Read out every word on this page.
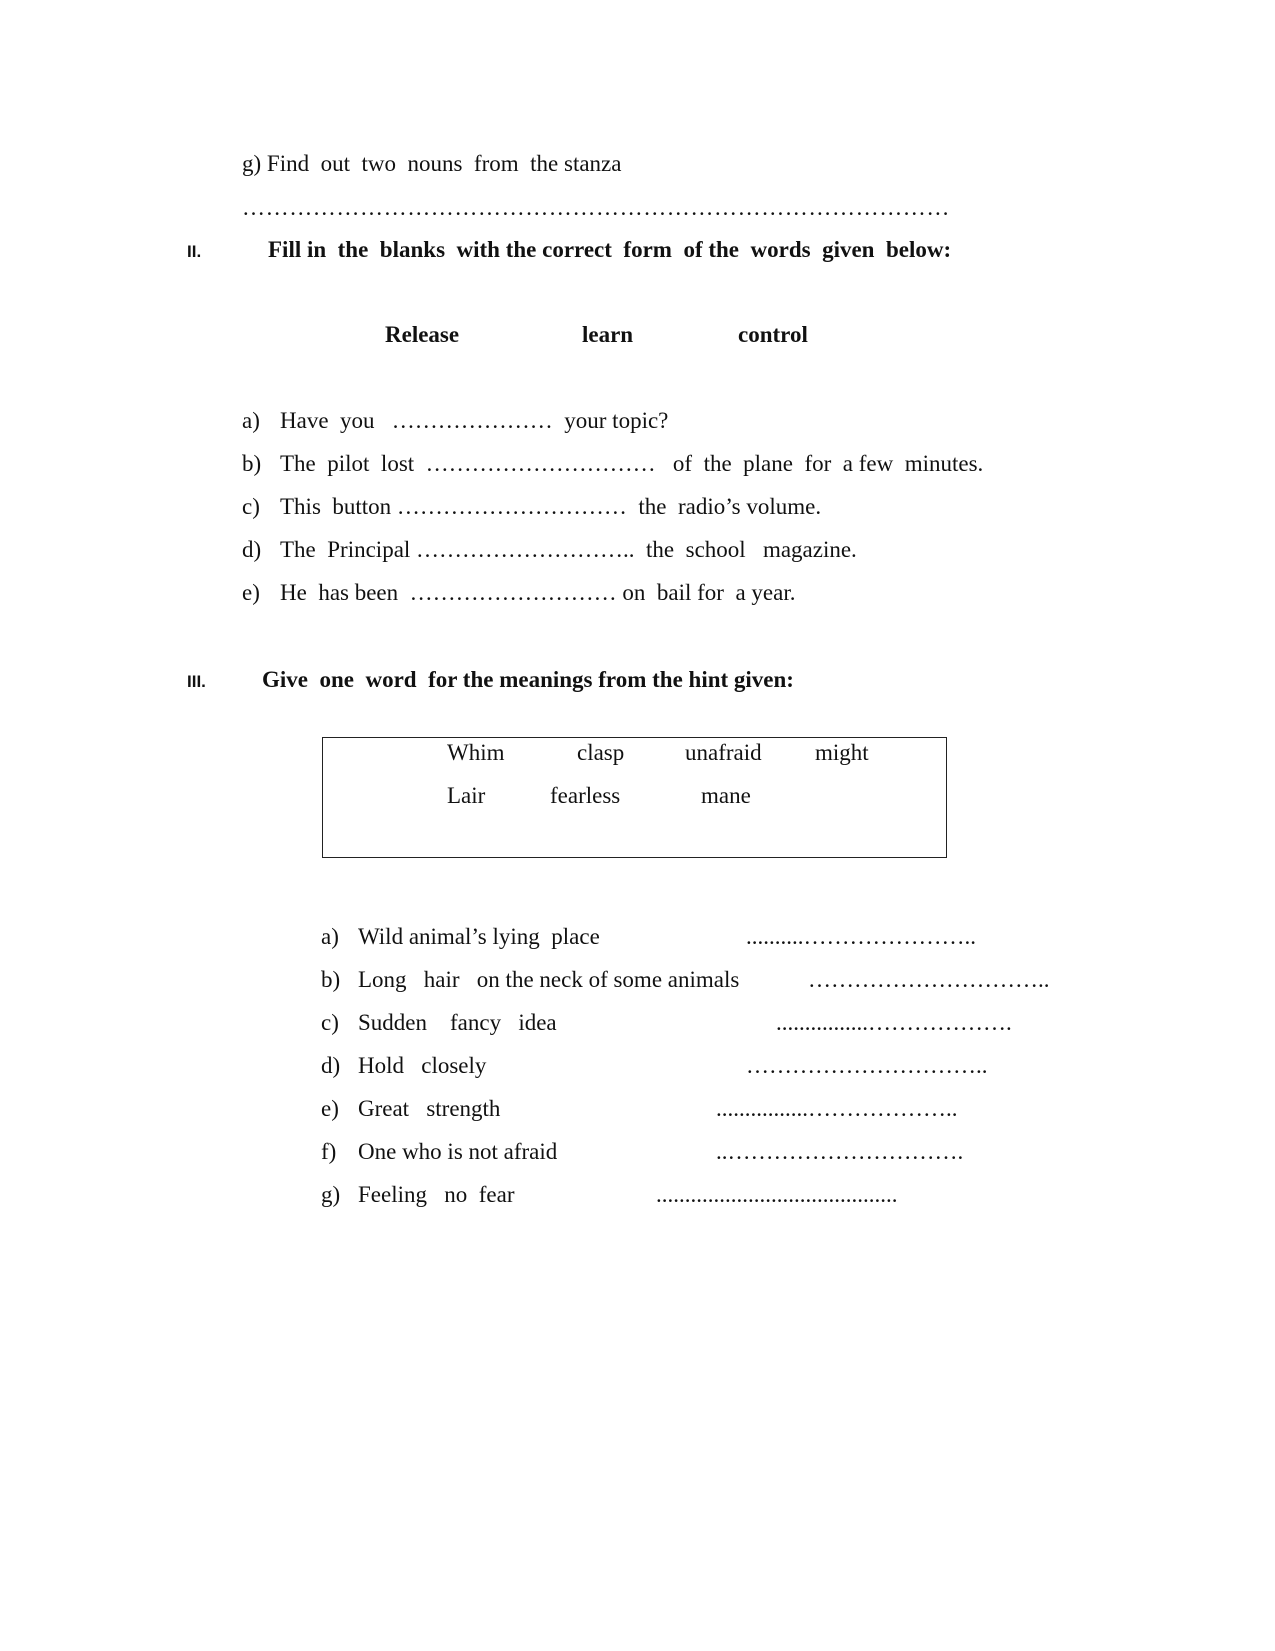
g) Find  out  two  nouns  from  the stanza
………………………………………………………………………………
II.	Fill in  the  blanks  with the correct  form  of the  words  given  below:
Release	learn	control
a) Have  you   …………………  your topic?
b) The  pilot  lost  …………………………   of  the  plane  for  a few  minutes.
c) This  button …………………………  the  radio’s volume.
d) The  Principal ………………………..  the  school   magazine.
e) He  has been  ……………………… on  bail for  a year.
III. Give  one  word  for the meanings from the hint given:
Whim	clasp	unafraid might
Lair	fearless	mane
a) Wild animal’s lying  place	..........…………………..
b) Long   hair   on the neck of some animals	…………………………..
c) Sudden    fancy   idea	................……………….
d) Hold   closely	…………………………..
e) Great   strength	................………………..
f) One who is not afraid	..………………………….
g) Feeling   no  fear	..........................................
